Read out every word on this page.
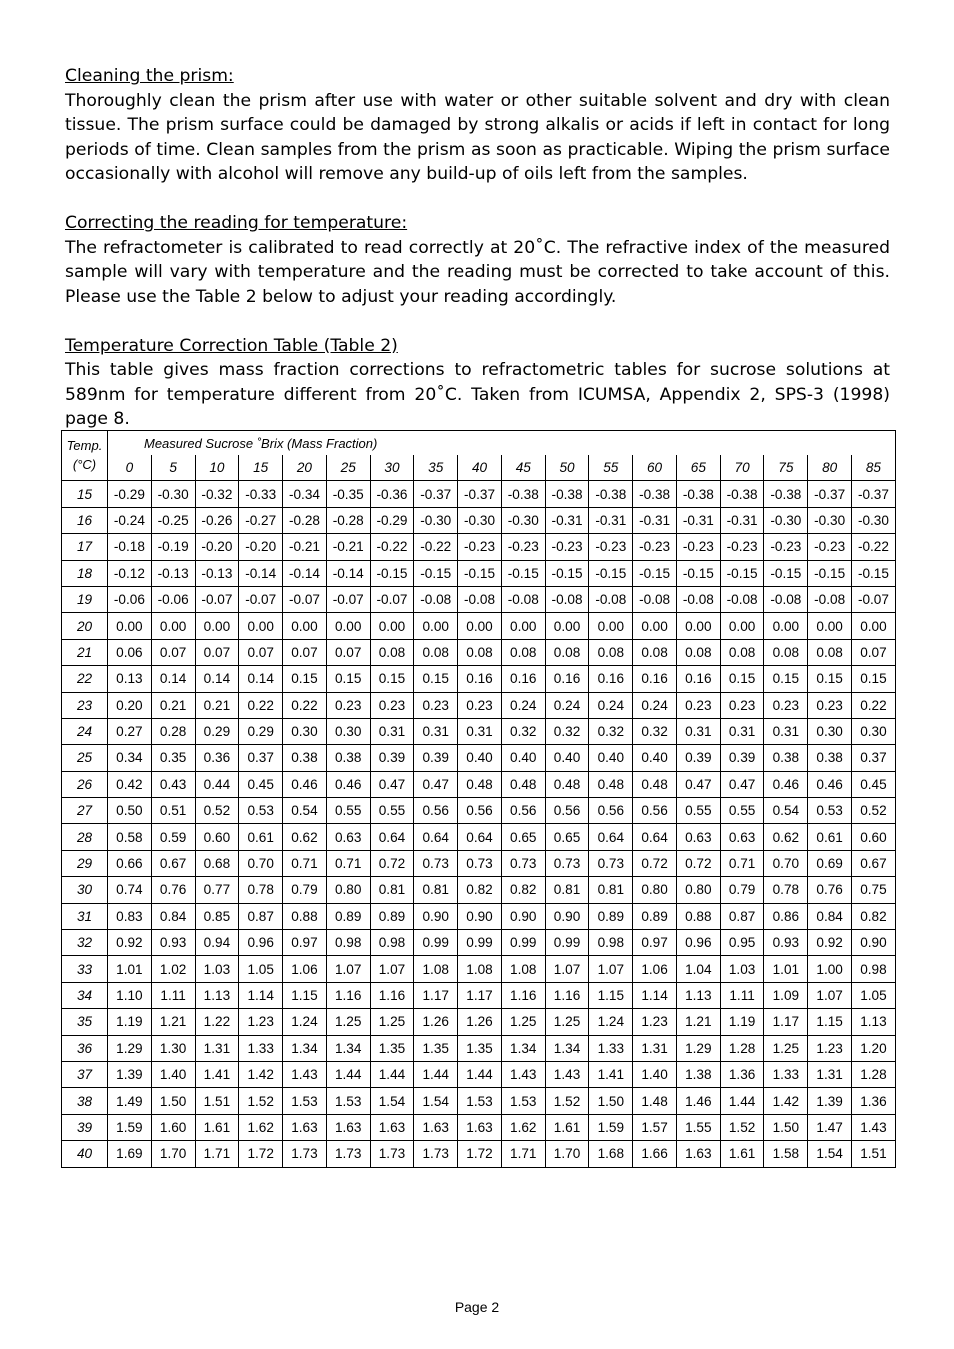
Cleaning the prism:
Thoroughly clean the prism after use with water or other suitable solvent and dry with clean tissue. The prism surface could be damaged by strong alkalis or acids if left in contact for long periods of time. Clean samples from the prism as soon as practicable. Wiping the prism surface occasionally with alcohol will remove any build-up of oils left from the samples.
Correcting the reading for temperature:
The refractometer is calibrated to read correctly at 20˚C. The refractive index of the measured sample will vary with temperature and the reading must be corrected to take account of this. Please use the Table 2 below to adjust your reading accordingly.
Temperature Correction Table (Table 2)
This table gives mass fraction corrections to refractometric tables for sucrose solutions at 589nm for temperature different from 20˚C. Taken from ICUMSA, Appendix 2, SPS-3 (1998) page 8.
Temp.
(°C)	Measured Sucrose ˚Brix (Mass Fraction)																	
	0	5	10	15	20	25	30	35	40	45	50	55	60	65	70	75	80	85
15	-0.29	-0.30	-0.32	-0.33	-0.34	-0.35	-0.36	-0.37	-0.37	-0.38	-0.38	-0.38	-0.38	-0.38	-0.38	-0.38	-0.37	-0.37
16	-0.24	-0.25	-0.26	-0.27	-0.28	-0.28	-0.29	-0.30	-0.30	-0.30	-0.31	-0.31	-0.31	-0.31	-0.31	-0.30	-0.30	-0.30
17	-0.18	-0.19	-0.20	-0.20	-0.21	-0.21	-0.22	-0.22	-0.23	-0.23	-0.23	-0.23	-0.23	-0.23	-0.23	-0.23	-0.23	-0.22
18	-0.12	-0.13	-0.13	-0.14	-0.14	-0.14	-0.15	-0.15	-0.15	-0.15	-0.15	-0.15	-0.15	-0.15	-0.15	-0.15	-0.15	-0.15
19	-0.06	-0.06	-0.07	-0.07	-0.07	-0.07	-0.07	-0.08	-0.08	-0.08	-0.08	-0.08	-0.08	-0.08	-0.08	-0.08	-0.08	-0.07
20	0.00	0.00	0.00	0.00	0.00	0.00	0.00	0.00	0.00	0.00	0.00	0.00	0.00	0.00	0.00	0.00	0.00	0.00
21	0.06	0.07	0.07	0.07	0.07	0.07	0.08	0.08	0.08	0.08	0.08	0.08	0.08	0.08	0.08	0.08	0.08	0.07
22	0.13	0.14	0.14	0.14	0.15	0.15	0.15	0.15	0.16	0.16	0.16	0.16	0.16	0.16	0.15	0.15	0.15	0.15
23	0.20	0.21	0.21	0.22	0.22	0.23	0.23	0.23	0.23	0.24	0.24	0.24	0.24	0.23	0.23	0.23	0.23	0.22
24	0.27	0.28	0.29	0.29	0.30	0.30	0.31	0.31	0.31	0.32	0.32	0.32	0.32	0.31	0.31	0.31	0.30	0.30
25	0.34	0.35	0.36	0.37	0.38	0.38	0.39	0.39	0.40	0.40	0.40	0.40	0.40	0.39	0.39	0.38	0.38	0.37
26	0.42	0.43	0.44	0.45	0.46	0.46	0.47	0.47	0.48	0.48	0.48	0.48	0.48	0.47	0.47	0.46	0.46	0.45
27	0.50	0.51	0.52	0.53	0.54	0.55	0.55	0.56	0.56	0.56	0.56	0.56	0.56	0.55	0.55	0.54	0.53	0.52
28	0.58	0.59	0.60	0.61	0.62	0.63	0.64	0.64	0.64	0.65	0.65	0.64	0.64	0.63	0.63	0.62	0.61	0.60
29	0.66	0.67	0.68	0.70	0.71	0.71	0.72	0.73	0.73	0.73	0.73	0.73	0.72	0.72	0.71	0.70	0.69	0.67
30	0.74	0.76	0.77	0.78	0.79	0.80	0.81	0.81	0.82	0.82	0.81	0.81	0.80	0.80	0.79	0.78	0.76	0.75
31	0.83	0.84	0.85	0.87	0.88	0.89	0.89	0.90	0.90	0.90	0.90	0.89	0.89	0.88	0.87	0.86	0.84	0.82
32	0.92	0.93	0.94	0.96	0.97	0.98	0.98	0.99	0.99	0.99	0.99	0.98	0.97	0.96	0.95	0.93	0.92	0.90
33	1.01	1.02	1.03	1.05	1.06	1.07	1.07	1.08	1.08	1.08	1.07	1.07	1.06	1.04	1.03	1.01	1.00	0.98
34	1.10	1.11	1.13	1.14	1.15	1.16	1.16	1.17	1.17	1.16	1.16	1.15	1.14	1.13	1.11	1.09	1.07	1.05
35	1.19	1.21	1.22	1.23	1.24	1.25	1.25	1.26	1.26	1.25	1.25	1.24	1.23	1.21	1.19	1.17	1.15	1.13
36	1.29	1.30	1.31	1.33	1.34	1.34	1.35	1.35	1.35	1.34	1.34	1.33	1.31	1.29	1.28	1.25	1.23	1.20
37	1.39	1.40	1.41	1.42	1.43	1.44	1.44	1.44	1.44	1.43	1.43	1.41	1.40	1.38	1.36	1.33	1.31	1.28
38	1.49	1.50	1.51	1.52	1.53	1.53	1.54	1.54	1.53	1.53	1.52	1.50	1.48	1.46	1.44	1.42	1.39	1.36
39	1.59	1.60	1.61	1.62	1.63	1.63	1.63	1.63	1.63	1.62	1.61	1.59	1.57	1.55	1.52	1.50	1.47	1.43
40	1.69	1.70	1.71	1.72	1.73	1.73	1.73	1.73	1.72	1.71	1.70	1.68	1.66	1.63	1.61	1.58	1.54	1.51
Page 2
